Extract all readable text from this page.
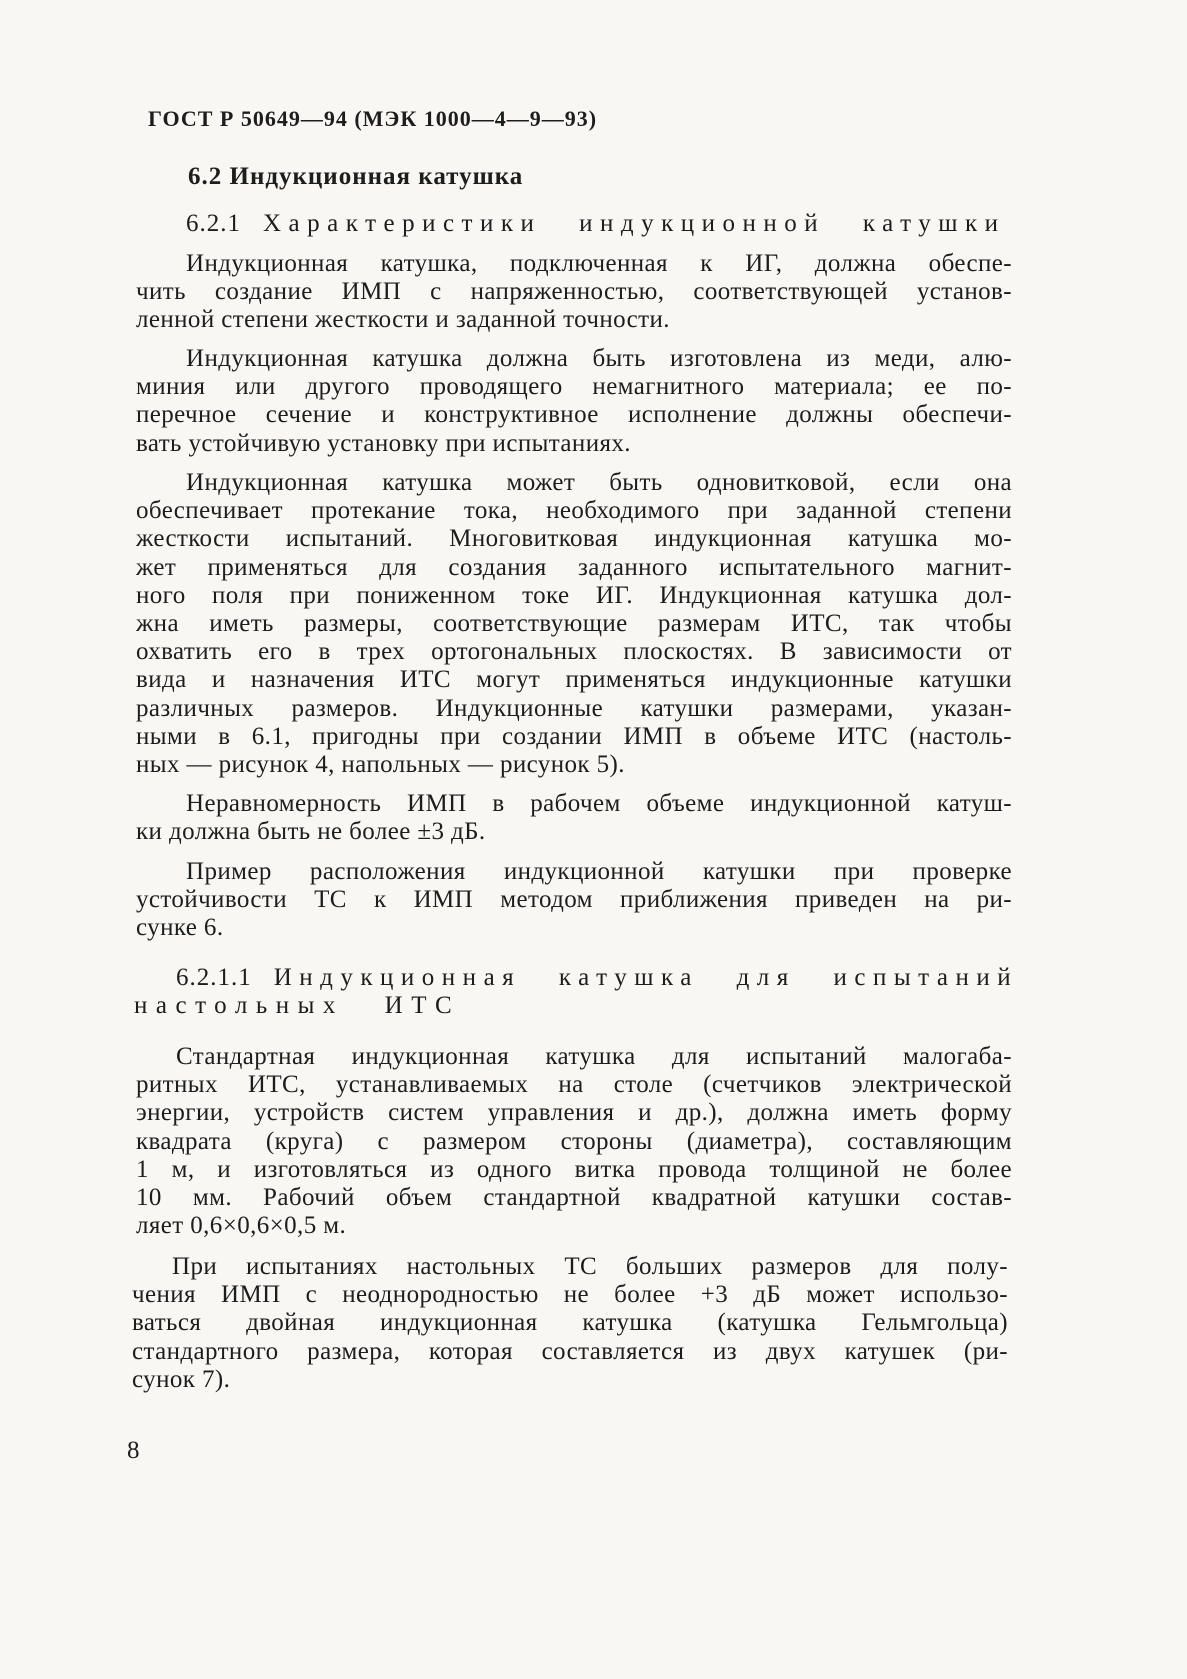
ГОСТ Р 50649—94 (МЭК 1000—4—9—93)
6.2 Индукционная катушка
6.2.1 Характеристики индукционной катушки
Индукционная катушка, подключенная к ИГ, должна обеспе-
чить создание ИМП с напряженностью, соответствующей установ-
ленной степени жесткости и заданной точности.
Индукционная катушка должна быть изготовлена из меди, алю-
миния или другого проводящего немагнитного материала; ее по-
перечное сечение и конструктивное исполнение должны обеспечи-
вать устойчивую установку при испытаниях.
Индукционная катушка может быть одновитковой, если она
обеспечивает протекание тока, необходимого при заданной степени
жесткости испытаний. Многовитковая индукционная катушка мо-
жет применяться для создания заданного испытательного магнит-
ного поля при пониженном токе ИГ. Индукционная катушка дол-
жна иметь размеры, соответствующие размерам ИТС, так чтобы
охватить его в трех ортогональных плоскостях. В зависимости от
вида и назначения ИТС могут применяться индукционные катушки
различных размеров. Индукционные катушки размерами, указан-
ными в 6.1, пригодны при создании ИМП в объеме ИТС (настоль-
ных — рисунок 4, напольных — рисунок 5).
Неравномерность ИМП в рабочем объеме индукционной катуш-
ки должна быть не более ±3 дБ.
Пример расположения индукционной катушки при проверке
устойчивости ТС к ИМП методом приближения приведен на ри-
сунке 6.
6.2.1.1 Индукционная катушка для испытаний
настольных ИТС
Стандартная индукционная катушка для испытаний малогаба-
ритных ИТС, устанавливаемых на столе (счетчиков электрической
энергии, устройств систем управления и др.), должна иметь форму
квадрата (круга) с размером стороны (диаметра), составляющим
1 м, и изготовляться из одного витка провода толщиной не более
10 мм. Рабочий объем стандартной квадратной катушки состав-
ляет 0,6×0,6×0,5 м.
При испытаниях настольных ТС больших размеров для полу-
чения ИМП с неоднородностью не более +3 дБ может использо-
ваться двойная индукционная катушка (катушка Гельмгольца)
стандартного размера, которая составляется из двух катушек (ри-
сунок 7).
8
